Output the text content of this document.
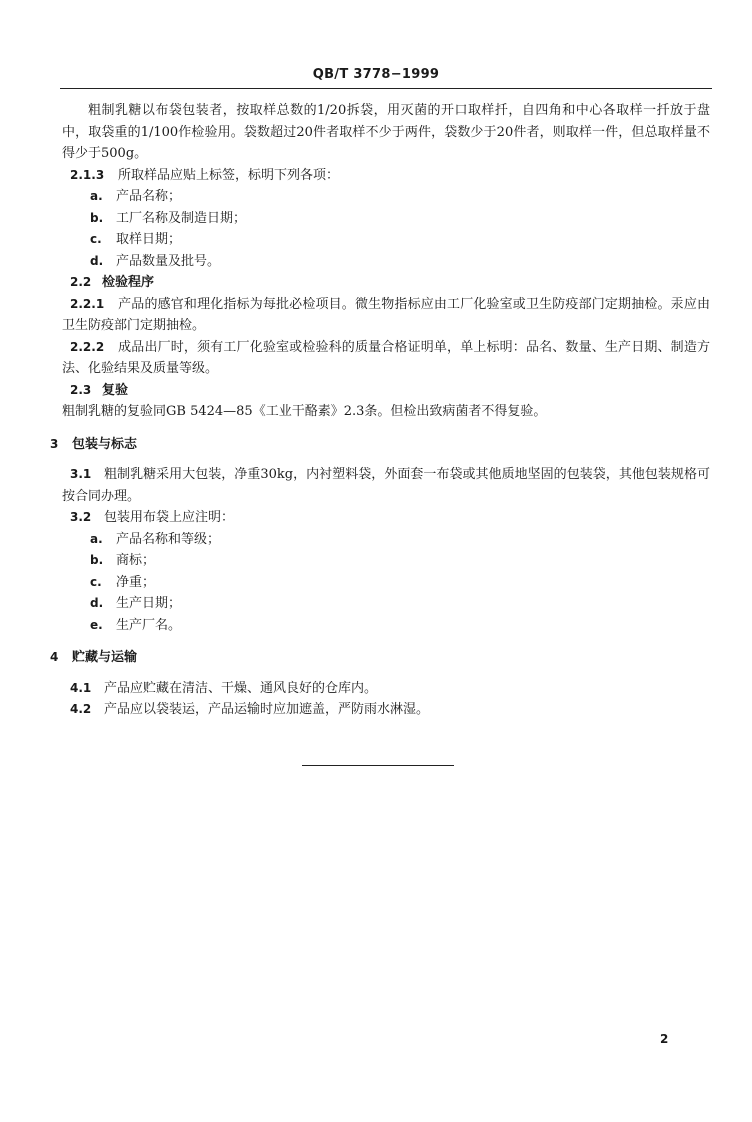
QB/T 3778−1999

粗制乳糖以布袋包装者，按取样总数的1/20拆袋，用灭菌的开口取样扦，自四角和中心各取样一扦放于盘中，取袋重的1/100作检验用。袋数超过20件者取样不少于两件，袋数少于20件者，则取样一件，但总取样量不得少于500g。

2.1.3 所取样品应贴上标签，标明下列各项：

a. 产品名称；

b. 工厂名称及制造日期；

c. 取样日期；

d. 产品数量及批号。

2.2 检验程序

2.2.1 产品的感官和理化指标为每批必检项目。微生物指标应由工厂化验室或卫生防疫部门定期抽检。汞应由卫生防疫部门定期抽检。

2.2.2 成品出厂时，须有工厂化验室或检验科的质量合格证明单，单上标明：品名、数量、生产日期、制造方法、化验结果及质量等级。

2.3 复验

粗制乳糖的复验同GB 5424—85《工业干酪素》2.3条。但检出致病菌者不得复验。

3 包装与标志

3.1 粗制乳糖采用大包装，净重30kg，内衬塑料袋，外面套一布袋或其他质地坚固的包装袋，其他包装规格可按合同办理。

3.2 包装用布袋上应注明：

a. 产品名称和等级；

b. 商标；

c. 净重；

d. 生产日期；

e. 生产厂名。

4 贮藏与运输

4.1 产品应贮藏在清洁、干燥、通风良好的仓库内。

4.2 产品应以袋装运，产品运输时应加遮盖，严防雨水淋湿。

2
